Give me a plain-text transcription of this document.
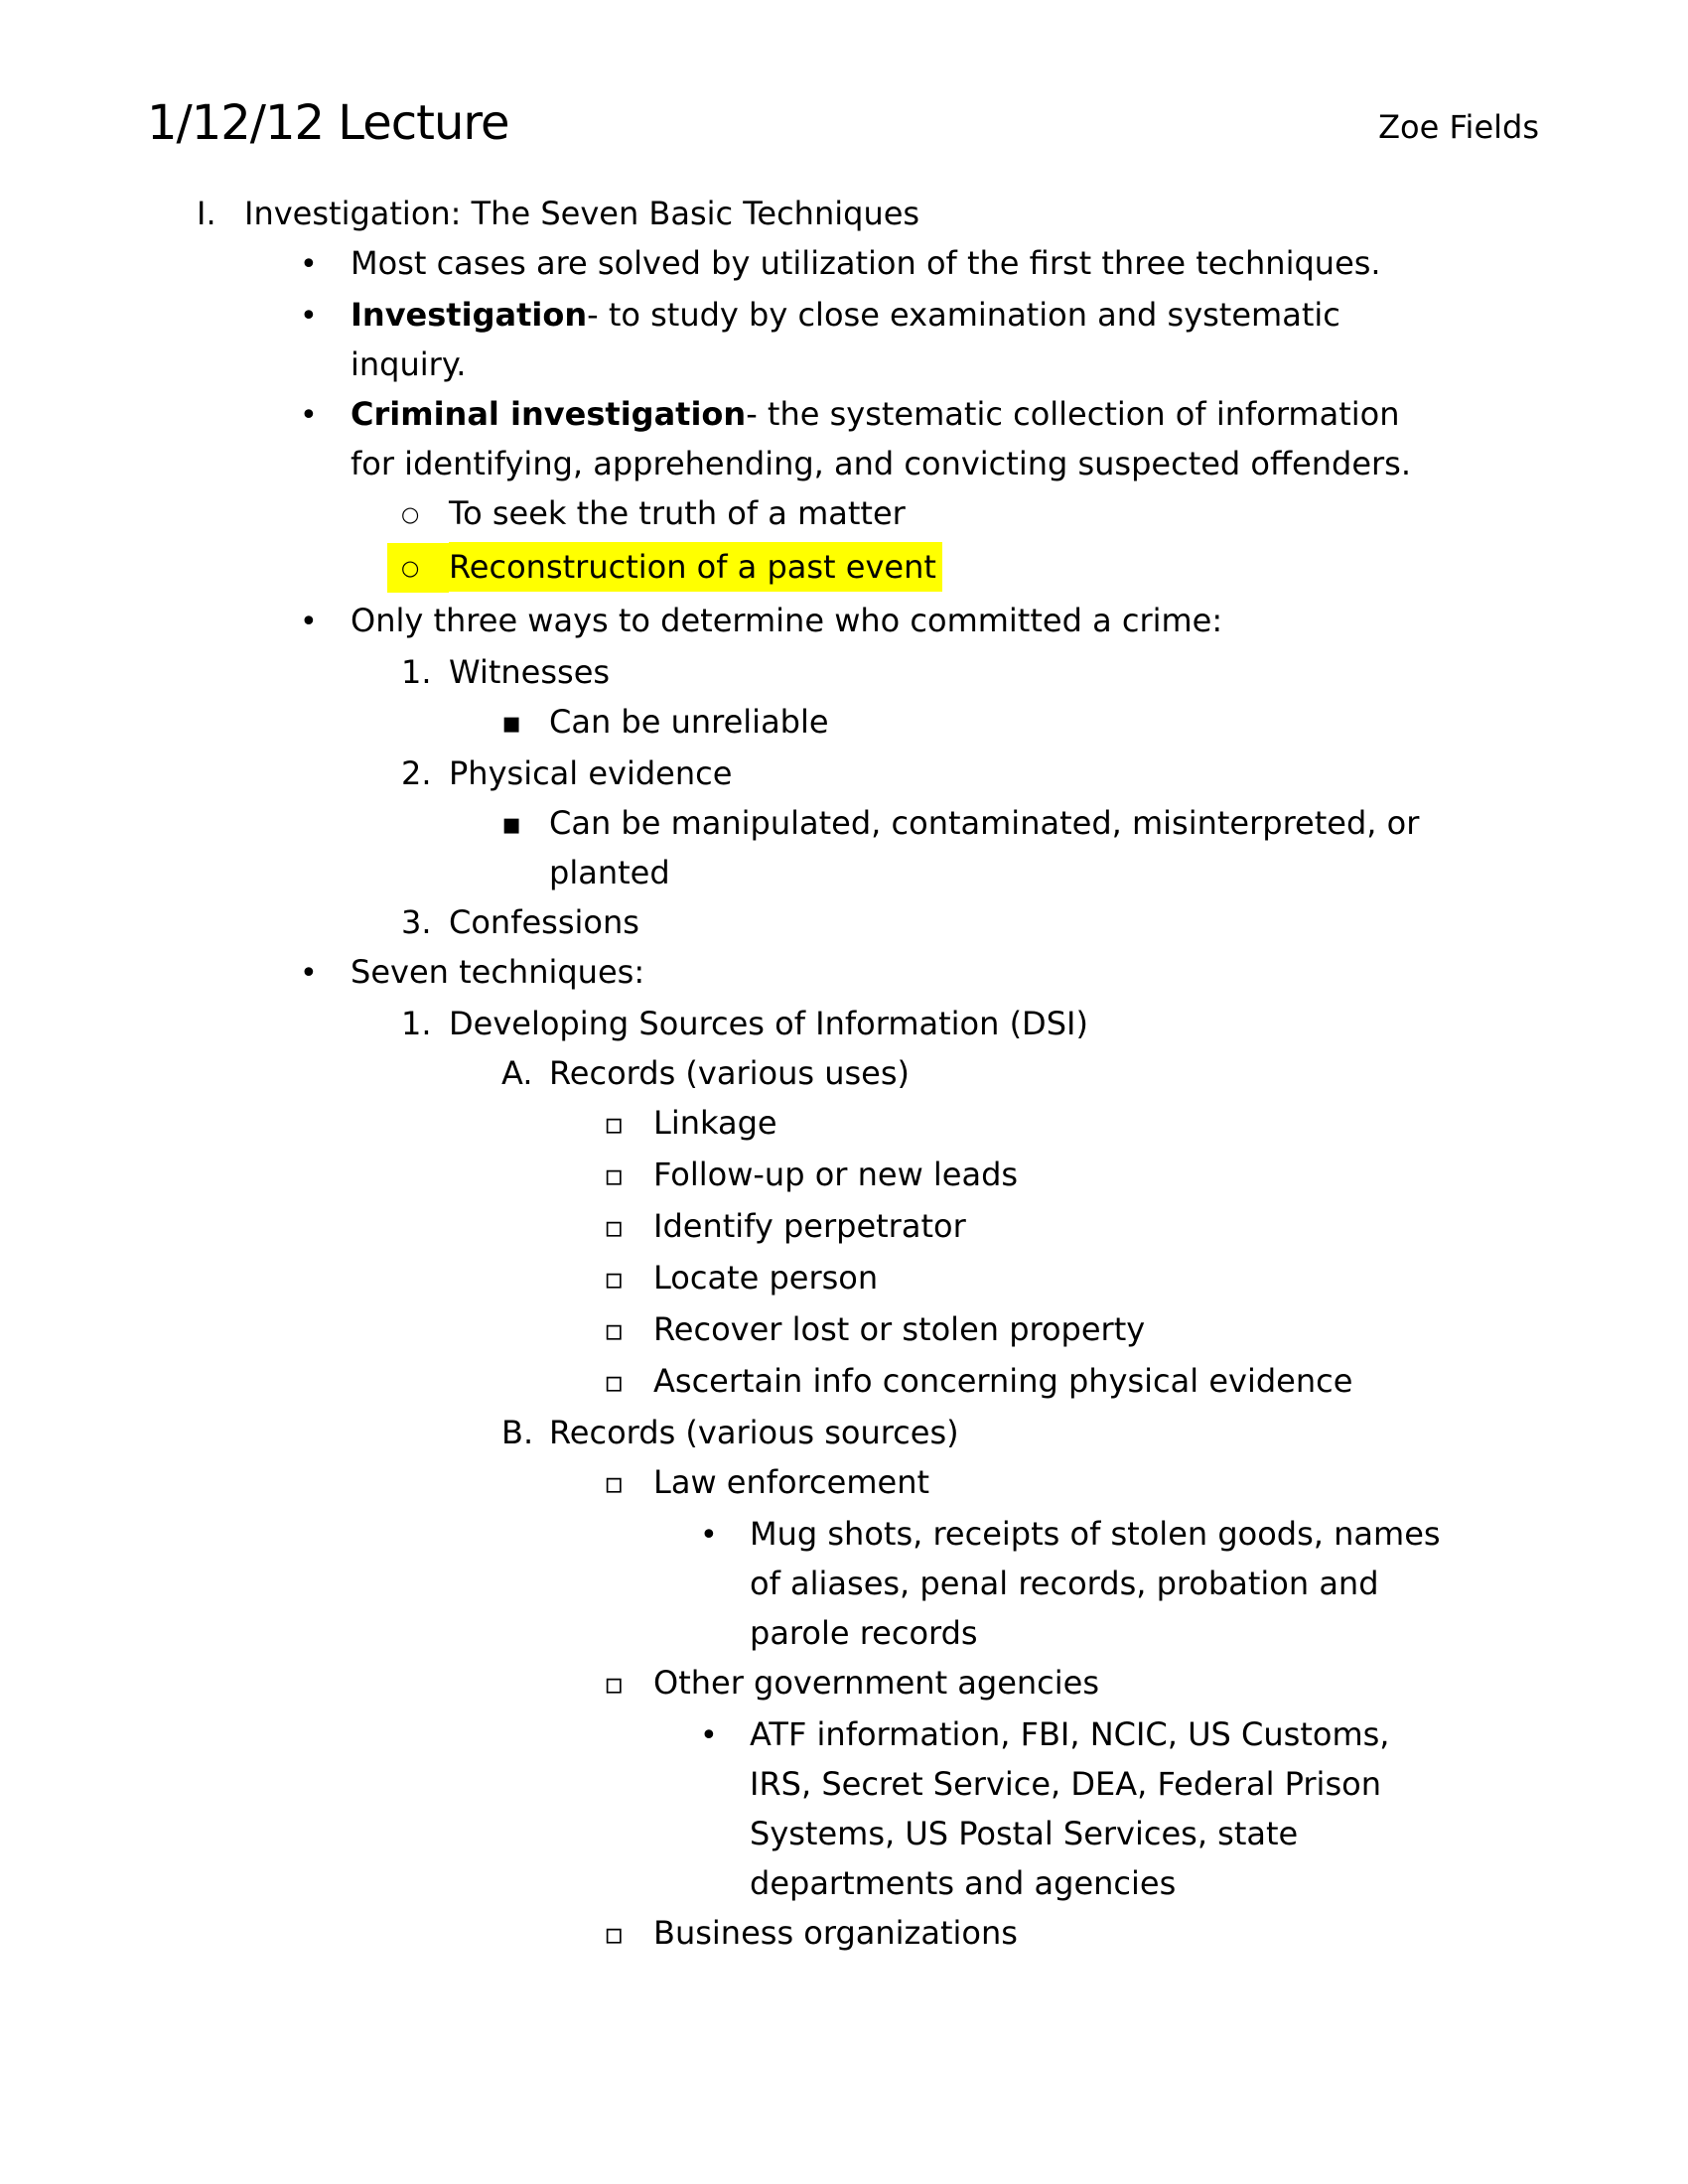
1/12/12 Lecture	Zoe Fields
I. Investigation: The Seven Basic Techniques
•	Most cases are solved by utilization of the first three techniques.
•	Investigation- to study by close examination and systematic
inquiry.
•	Criminal investigation- the systematic collection of information
for identifying, apprehending, and convicting suspected offenders.
○ To seek the truth of a matter
○ Reconstruction of a past event
•	Only three ways to determine who committed a crime:
1. Witnesses
▪ Can be unreliable
2. Physical evidence
▪ Can be manipulated, contaminated, misinterpreted, or
planted
3. Confessions
•	Seven techniques:
1. Developing Sources of Information (DSI)
A. Records (various uses)
▫ Linkage
▫ Follow-up or new leads
▫ Identify perpetrator
▫ Locate person
▫ Recover lost or stolen property
▫ Ascertain info concerning physical evidence
B. Records (various sources)
▫ Law enforcement
•	Mug shots, receipts of stolen goods, names
of aliases, penal records, probation and
parole records
▫ Other government agencies
•	ATF information, FBI, NCIC, US Customs,
IRS, Secret Service, DEA, Federal Prison
Systems, US Postal Services, state
departments and agencies
▫ Business organizations
